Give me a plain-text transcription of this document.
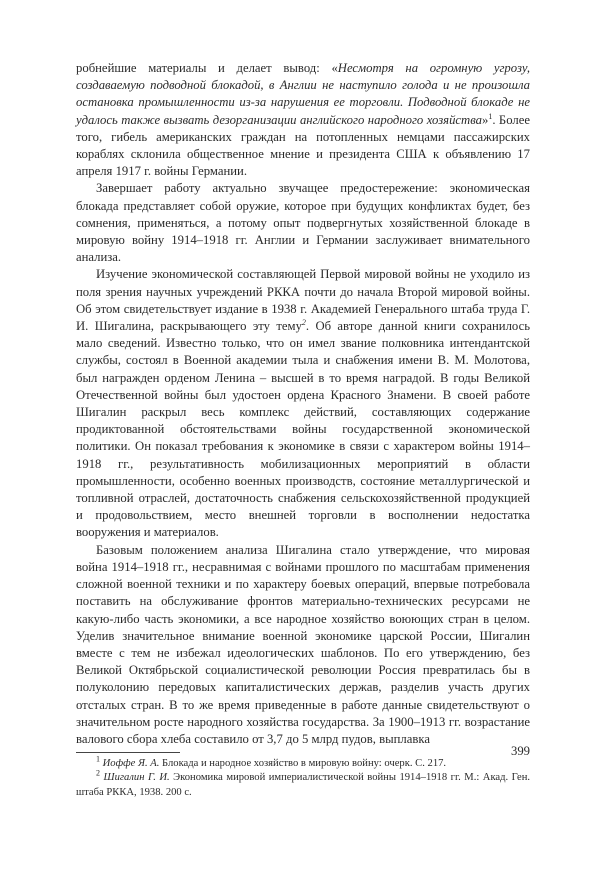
робнейшие материалы и делает вывод: «Несмотря на огромную угрозу, создаваемую подводной блокадой, в Англии не наступило голода и не произошла остановка промышленности из-за нарушения ее торговли. Подводной блокаде не удалось также вызвать дезорганизации английского народного хозяйства»$^1$. Более того, гибель американских граждан на потопленных немцами пассажирских кораблях склонила общественное мнение и президента США к объявлению 17 апреля 1917 г. войны Германии.

Завершает работу актуально звучащее предостережение: экономическая блокада представляет собой оружие, которое при будущих конфликтах будет, без сомнения, применяться, а потому опыт подвергнутых хозяйственной блокаде в мировую войну 1914–1918 гг. Англии и Германии заслуживает внимательного анализа.

Изучение экономической составляющей Первой мировой войны не уходило из поля зрения научных учреждений РККА почти до начала Второй мировой войны. Об этом свидетельствует издание в 1938 г. Академией Генерального штаба труда Г. И. Шигалина, раскрывающего эту тему$^2$. Об авторе данной книги сохранилось мало сведений. Известно только, что он имел звание полковника интендантской службы, состоял в Военной академии тыла и снабжения имени В. М. Молотова, был награжден орденом Ленина – высшей в то время наградой. В годы Великой Отечественной войны был удостоен ордена Красного Знамени. В своей работе Шигалин раскрыл весь комплекс действий, составляющих содержание продиктованной обстоятельствами войны государственной экономической политики. Он показал требования к экономике в связи с характером войны 1914–1918 гг., результативность мобилизационных мероприятий в области промышленности, особенно военных производств, состояние металлургической и топливной отраслей, достаточность снабжения сельскохозяйственной продукцией и продовольствием, место внешней торговли в восполнении недостатка вооружения и материалов.

Базовым положением анализа Шигалина стало утверждение, что мировая война 1914–1918 гг., несравнимая с войнами прошлого по масштабам применения сложной военной техники и по характеру боевых операций, впервые потребовала поставить на обслуживание фронтов материально-технических ресурсами не какую-либо часть экономики, а все народное хозяйство воюющих стран в целом. Уделив значительное внимание военной экономике царской России, Шигалин вместе с тем не избежал идеологических шаблонов. По его утверждению, без Великой Октябрьской социалистической революции Россия превратилась бы в полуколонию передовых капиталистических держав, разделив участь других отсталых стран. В то же время приведенные в работе данные свидетельствуют о значительном росте народного хозяйства государства. За 1900–1913 гг. возрастание валового сбора хлеба составило от 3,7 до 5 млрд пудов, выплавка

$^1$ Иоффе Я. А. Блокада и народное хозяйство в мировую войну: очерк. С. 217.

$^2$ Шигалин Г. И. Экономика мировой империалистической войны 1914–1918 гг. М.: Акад. Ген. штаба РККА, 1938. 200 с.

399
